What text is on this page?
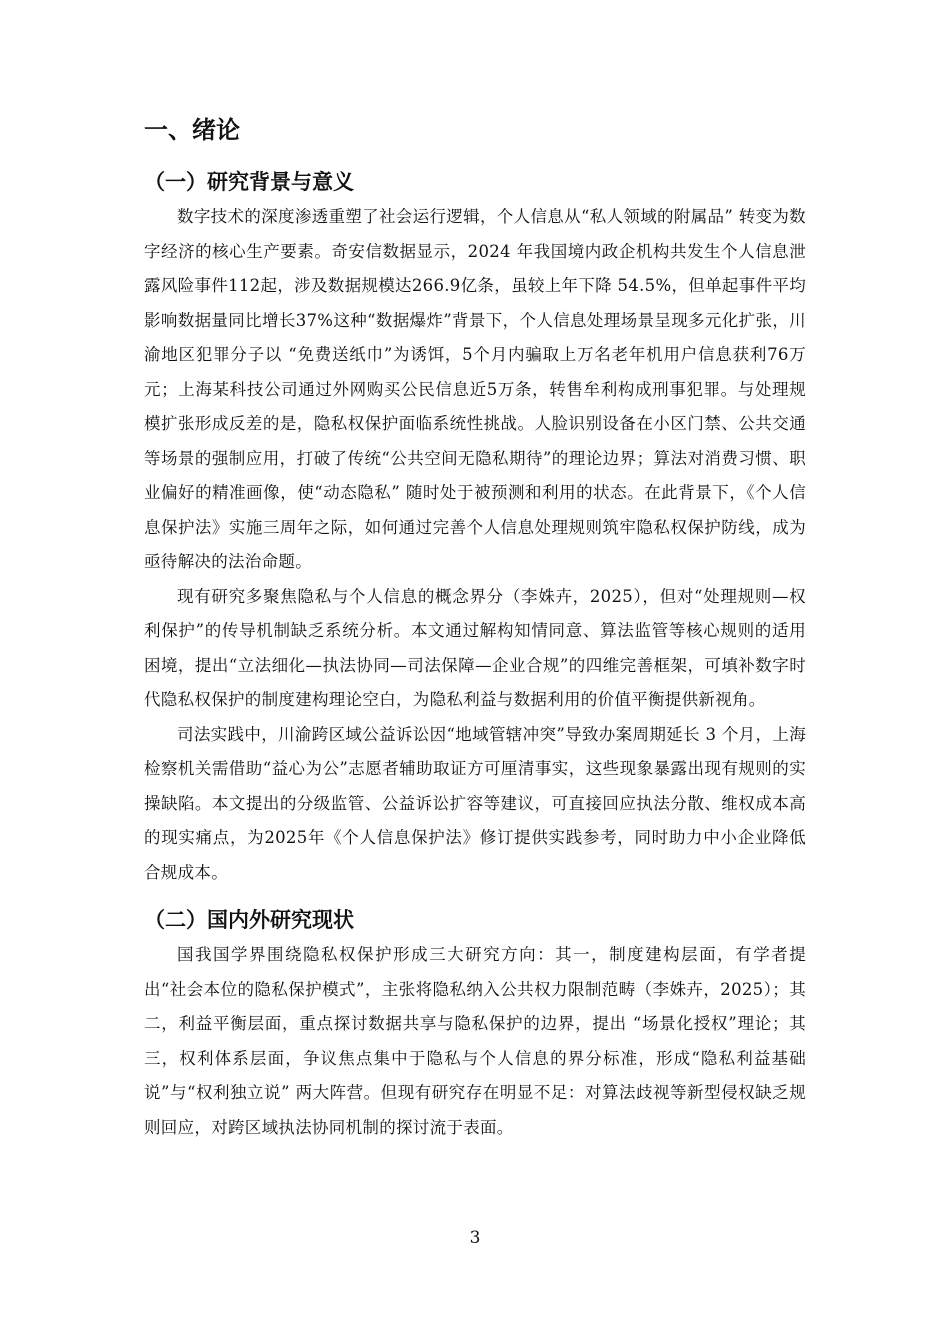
一、绪论
（一）研究背景与意义

数字技术的深度渗透重塑了社会运行逻辑，个人信息从“私人领域的附属品” 转变为数字经济的核心生产要素。奇安信数据显示，2024 年我国境内政企机构共发生个人信息泄露风险事件112起，涉及数据规模达266.9亿条，虽较上年下降 54.5%，但单起事件平均影响数据量同比增长37%这种“数据爆炸”背景下，个人信息处理场景呈现多元化扩张，川渝地区犯罪分子以 “免费送纸巾”为诱饵，5个月内骗取上万名老年机用户信息获利76万元；上海某科技公司通过外网购买公民信息近5万条，转售牟利构成刑事犯罪。与处理规模扩张形成反差的是，隐私权保护面临系统性挑战。人脸识别设备在小区门禁、公共交通等场景的强制应用，打破了传统“公共空间无隐私期待”的理论边界；算法对消费习惯、职业偏好的精准画像，使“动态隐私” 随时处于被预测和利用的状态。在此背景下，《个人信息保护法》实施三周年之际，如何通过完善个人信息处理规则筑牢隐私权保护防线，成为亟待解决的法治命题。

现有研究多聚焦隐私与个人信息的概念界分（李姝卉，2025），但对“处理规则—权利保护”的传导机制缺乏系统分析。本文通过解构知情同意、算法监管等核心规则的适用困境，提出“立法细化—执法协同—司法保障—企业合规”的四维完善框架，可填补数字时代隐私权保护的制度建构理论空白，为隐私利益与数据利用的价值平衡提供新视角。

司法实践中，川渝跨区域公益诉讼因“地域管辖冲突”导致办案周期延长 3 个月，上海检察机关需借助“益心为公”志愿者辅助取证方可厘清事实，这些现象暴露出现有规则的实操缺陷。本文提出的分级监管、公益诉讼扩容等建议，可直接回应执法分散、维权成本高的现实痛点，为2025年《个人信息保护法》修订提供实践参考，同时助力中小企业降低合规成本。

（二）国内外研究现状

国我国学界围绕隐私权保护形成三大研究方向：其一，制度建构层面，有学者提出“社会本位的隐私保护模式”，主张将隐私纳入公共权力限制范畴（李姝卉，2025）；其二，利益平衡层面，重点探讨数据共享与隐私保护的边界，提出 “场景化授权”理论；其三，权利体系层面，争议焦点集中于隐私与个人信息的界分标准，形成“隐私利益基础说”与“权利独立说” 两大阵营。但现有研究存在明显不足：对算法歧视等新型侵权缺乏规则回应，对跨区域执法协同机制的探讨流于表面。

3
